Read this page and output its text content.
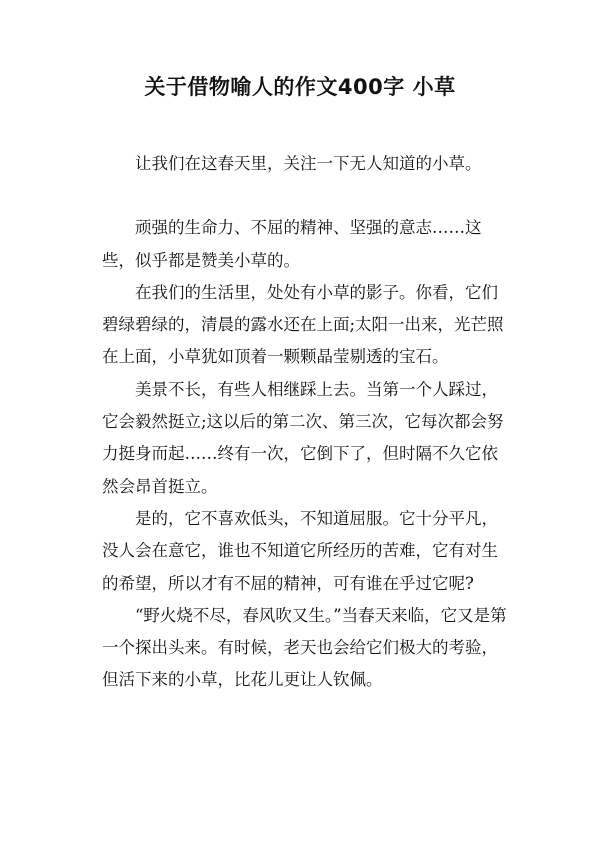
关于借物喻人的作文400字 小草

让我们在这春天里，关注一下无人知道的小草。

顽强的生命力、不屈的精神、坚强的意志……这些，似乎都是赞美小草的。

在我们的生活里，处处有小草的影子。你看，它们碧绿碧绿的，清晨的露水还在上面;太阳一出来，光芒照在上面，小草犹如顶着一颗颗晶莹剔透的宝石。

美景不长，有些人相继踩上去。当第一个人踩过，它会毅然挺立;这以后的第二次、第三次，它每次都会努力挺身而起……终有一次，它倒下了，但时隔不久它依然会昂首挺立。

是的，它不喜欢低头，不知道屈服。它十分平凡，没人会在意它，谁也不知道它所经历的苦难，它有对生的希望，所以才有不屈的精神，可有谁在乎过它呢?

“野火烧不尽，春风吹又生。”当春天来临，它又是第一个探出头来。有时候，老天也会给它们极大的考验，但活下来的小草，比花儿更让人钦佩。
